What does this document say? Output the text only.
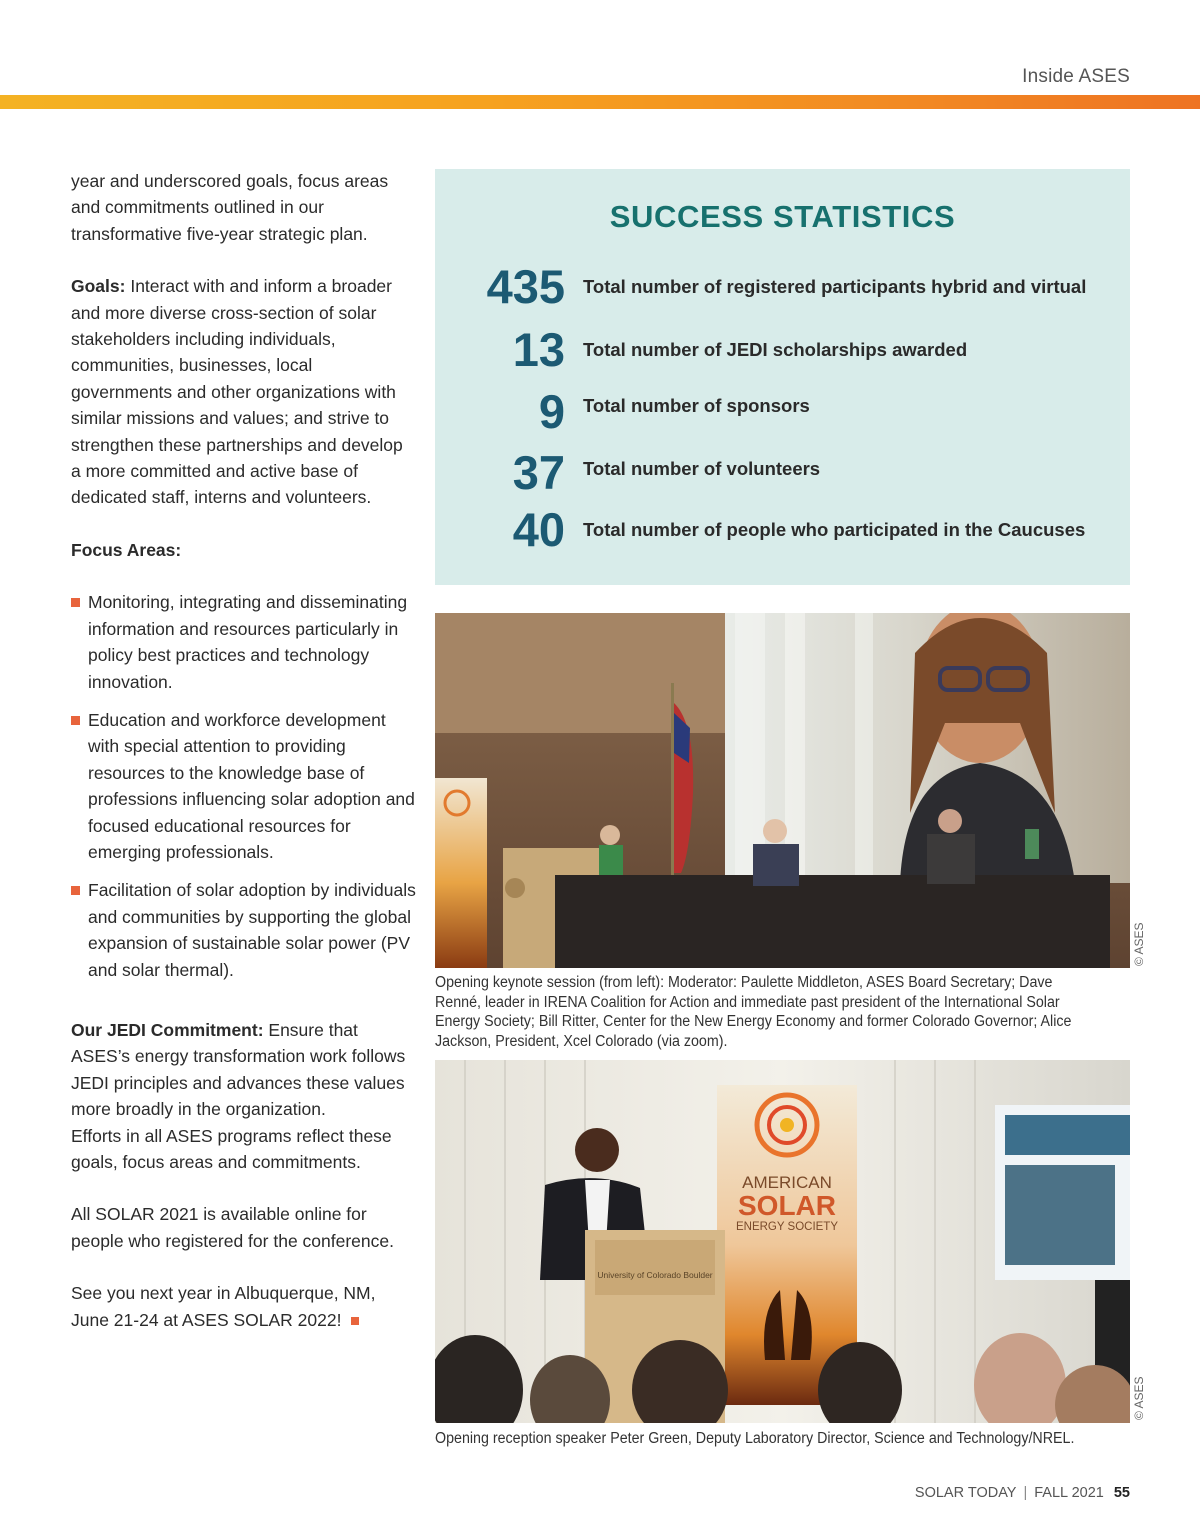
Inside ASES

year and underscored goals, focus areas and commitments outlined in our transformative five-year strategic plan.

Goals: Interact with and inform a broader and more diverse cross-section of solar stakeholders including individuals, communities, businesses, local governments and other organizations with similar missions and values; and strive to strengthen these partnerships and develop a more committed and active base of dedicated staff, interns and volunteers.

Focus Areas:

Monitoring, integrating and disseminating information and resources particularly in policy best practices and technology innovation.
Education and workforce development with special attention to providing resources to the knowledge base of professions influencing solar adoption and focused educational resources for emerging professionals.
Facilitation of solar adoption by individuals and communities by supporting the global expansion of sustainable solar power (PV and solar thermal).

Our JEDI Commitment: Ensure that ASES’s energy transformation work follows JEDI principles and advances these values more broadly in the organization.

Efforts in all ASES programs reflect these goals, focus areas and commitments.

All SOLAR 2021 is available online for people who registered for the conference.

See you next year in Albuquerque, NM, June 21-24 at ASES SOLAR 2022!

SUCCESS STATISTICS
435 Total number of registered participants hybrid and virtual
13 Total number of JEDI scholarships awarded
9 Total number of sponsors
37 Total number of volunteers
40 Total number of people who participated in the Caucuses
© ASES
Opening keynote session (from left): Moderator: Paulette Middleton, ASES Board Secretary; Dave Renné, leader in IRENA Coalition for Action and immediate past president of the International Solar Energy Society; Bill Ritter, Center for the New Energy Economy and former Colorado Governor; Alice Jackson, President, Xcel Colorado (via zoom).
AMERICAN
SOLAR
ENERGY SOCIETY
University of Colorado Boulder
© ASES
Opening reception speaker Peter Green, Deputy Laboratory Director, Science and Technology/NREL.
SOLAR TODAY | FALL 2021 55
